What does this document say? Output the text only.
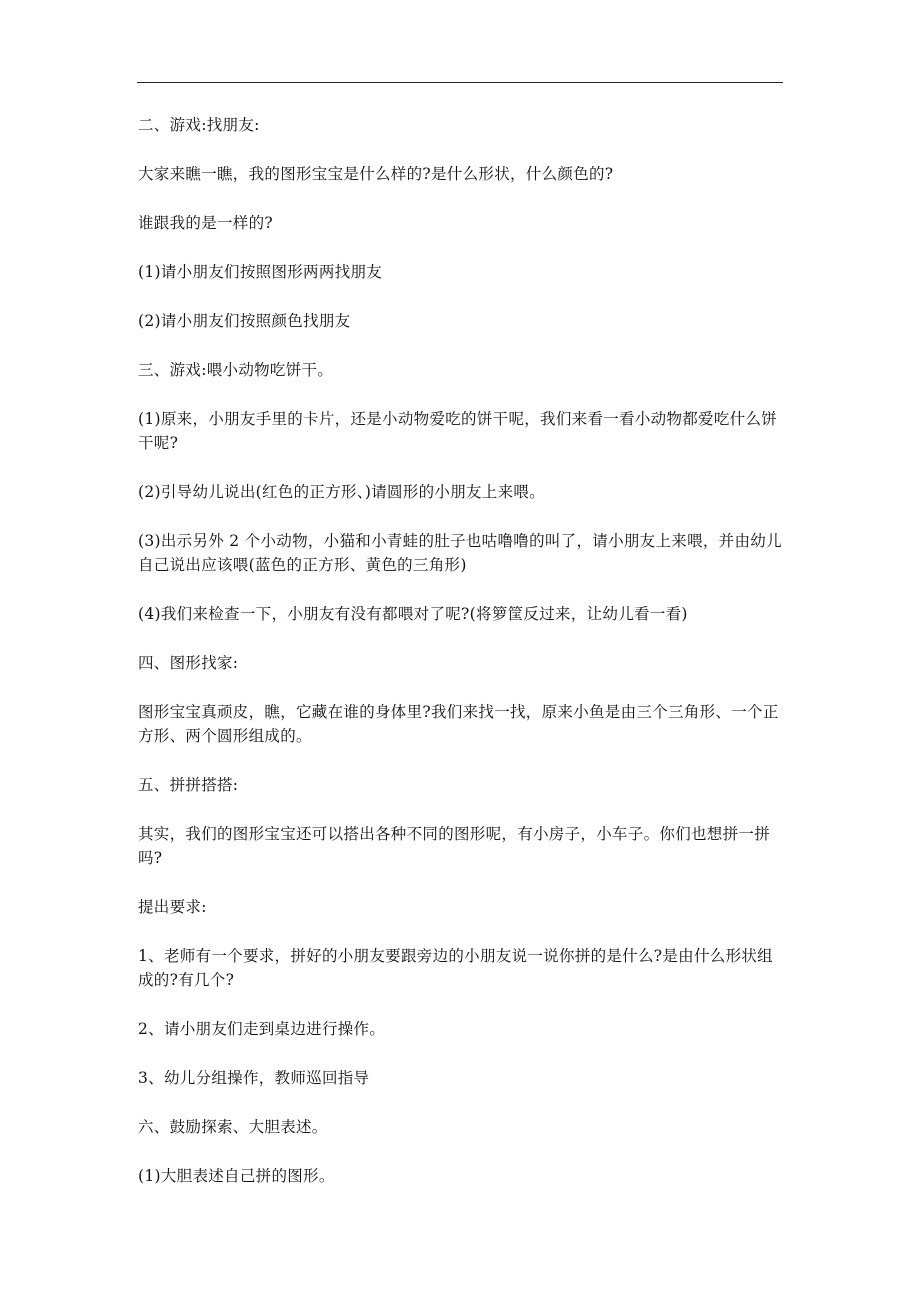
二、游戏:找朋友:

大家来瞧一瞧，我的图形宝宝是什么样的?是什么形状，什么颜色的?

谁跟我的是一样的?

(1)请小朋友们按照图形两两找朋友

(2)请小朋友们按照颜色找朋友

三、游戏:喂小动物吃饼干。

(1)原来，小朋友手里的卡片，还是小动物爱吃的饼干呢，我们来看一看小动物都爱吃什么饼干呢?

(2)引导幼儿说出(红色的正方形、)请圆形的小朋友上来喂。

(3)出示另外 2 个小动物，小猫和小青蛙的肚子也咕噜噜的叫了，请小朋友上来喂，并由幼儿自己说出应该喂(蓝色的正方形、黄色的三角形)

(4)我们来检查一下，小朋友有没有都喂对了呢?(将箩筐反过来，让幼儿看一看)

四、图形找家:

图形宝宝真顽皮，瞧，它藏在谁的身体里?我们来找一找，原来小鱼是由三个三角形、一个正方形、两个圆形组成的。

五、拼拼搭搭:

其实，我们的图形宝宝还可以搭出各种不同的图形呢，有小房子，小车子。你们也想拼一拼吗?

提出要求:

1、老师有一个要求，拼好的小朋友要跟旁边的小朋友说一说你拼的是什么?是由什么形状组成的?有几个?

2、请小朋友们走到桌边进行操作。

3、幼儿分组操作，教师巡回指导

六、鼓励探索、大胆表述。

(1)大胆表述自己拼的图形。
